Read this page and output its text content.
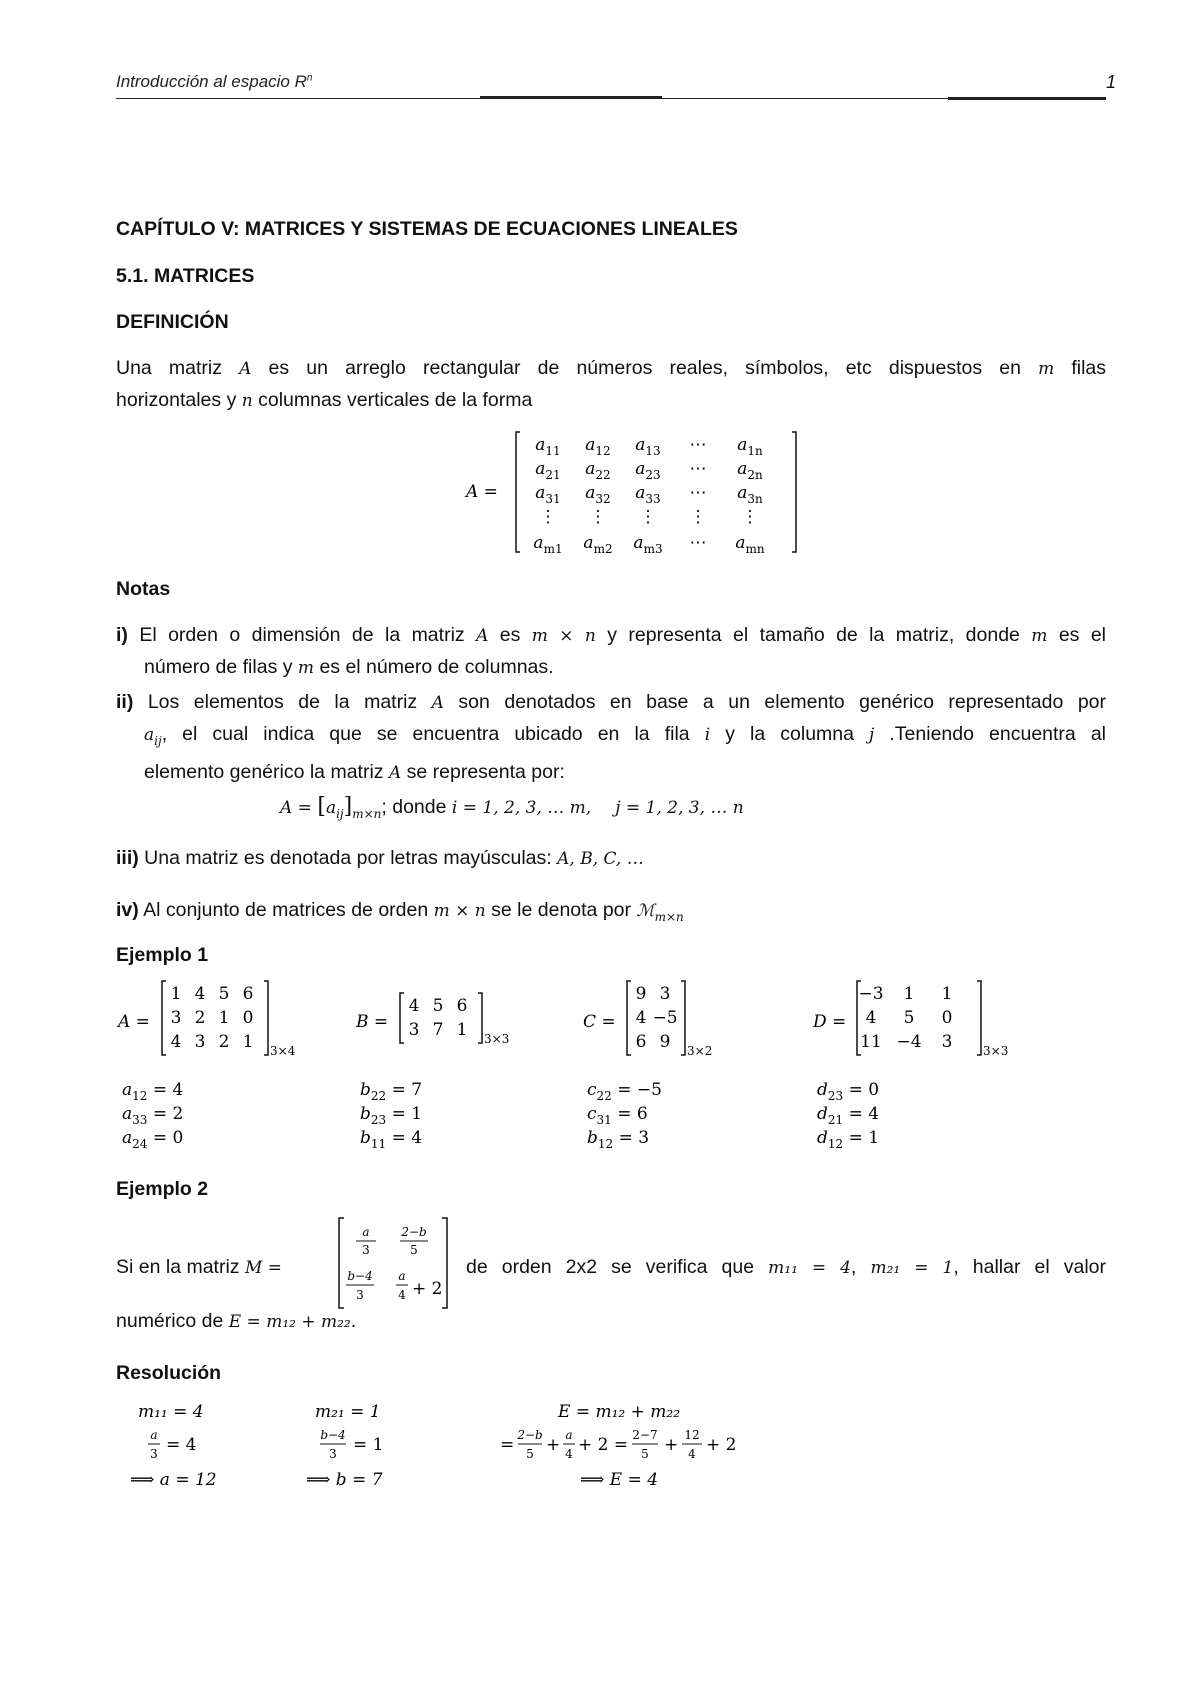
Introducción al espacio $R^n$	1
CAPÍTULO V: MATRICES Y SISTEMAS DE ECUACIONES LINEALES
5.1. MATRICES
DEFINICIÓN
Una matriz A es un arreglo rectangular de números reales, símbolos, etc dispuestos en m filas
horizontales y n columnas verticales de la forma
A =
$a_{11}$ $a_{12}$ $a_{13}$ ⋯ $a_{1n}$
$a_{21}$ $a_{22}$ $a_{23}$ ⋯ $a_{2n}$
$a_{31}$ $a_{32}$ $a_{33}$ ⋯ $a_{3n}$
⋮ ⋮ ⋮ ⋮ ⋮
$a_{m1}$ $a_{m2}$ $a_{m3}$ ⋯ $a_{mn}$
Notas
i) El orden o dimensión de la matriz A es m × n y representa el tamaño de la matriz, donde m es el
número de filas y m es el número de columnas.
ii) Los elementos de la matriz A son denotados en base a un elemento genérico representado por
$a_{ij}$, el cual indica que se encuentra ubicado en la fila i y la columna j .Teniendo encuentra al
elemento genérico la matriz A se representa por:
$A = [a_{ij}]_{m\times n}$; donde i = 1, 2, 3, … m, j = 1, 2, 3, … n
iii) Una matriz es denotada por letras mayúsculas: A, B, C, …
iv) Al conjunto de matrices de orden m × n se le denota por ℳ$_{m\times n}$
Ejemplo 1
A =
1 4 5 6
3 2 1 0
4 3 2 1 3×4
$a_{12} = 4$
$a_{33} = 2$
$a_{24} = 0$
B =
4 5 6
3 7 1 3×3
$b_{22} = 7$
$b_{23} = 1$
$b_{11} = 4$
C =
9 3
4 −5
6 9 3×2
$c_{22} = -5$
$c_{31} = 6$
$b_{12} = 3$
D =
−3 1 1
4 5 0
11 −4 3	3×3
$d_{23} = 0$
$d_{21} = 4$
$d_{12} = 1$
Ejemplo 2
Si en la matriz M =
a
3
2−b
5
b−4
3
a
4 + 2
de orden 2x2 se verifica que m₁₁ = 4, m₂₁ = 1, hallar el valor
numérico de E = m₁₂ + m₂₂.
Resolución
m₁₁ = 4
a
3 = 4
⟹ a = 12
m₂₁ = 1
b−4
3 = 1
⟹ b = 7
E = m₁₂ + m₂₂
= 2−b
5 + a
4 + 2 = 2−7
5 + 12
4 + 2
⟹ E = 4
